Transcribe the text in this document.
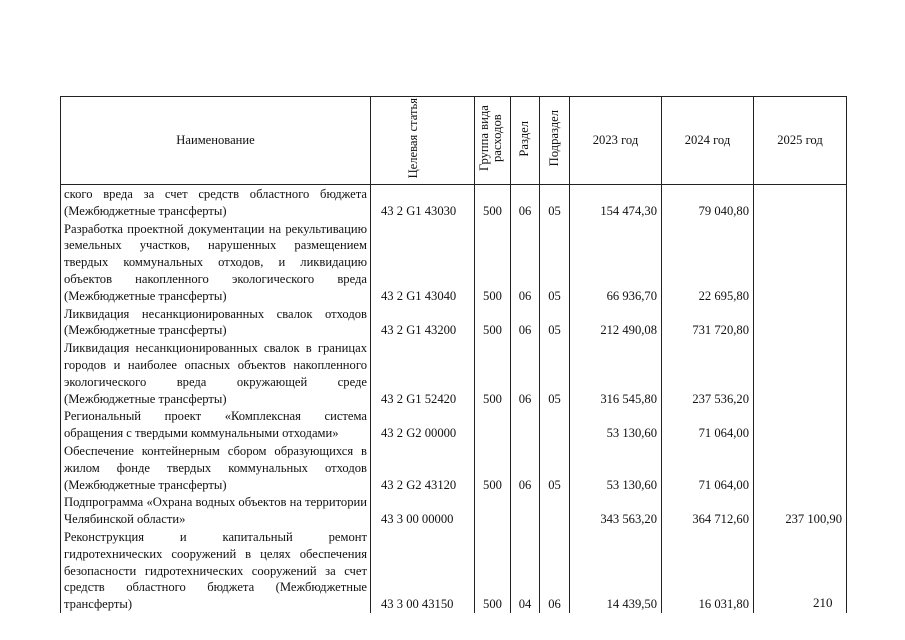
Наименование	Целевая статья	Группа вида расходов	Раздел	Подраздел	2023 год	2024 год	2025 год
ского вреда за счет средств областного бюджета (Межбюджетные трансферты)	43 2 G1 43030	500	06	05	154 474,30	79 040,80	
Разработка проектной документации на рекультивацию земельных участков, нарушенных размещением твердых коммунальных отходов, и ликвидацию объектов накопленного экологического вреда (Межбюджетные трансферты)	43 2 G1 43040	500	06	05	66 936,70	22 695,80	
Ликвидация несанкционированных свалок отходов (Межбюджетные трансферты)	43 2 G1 43200	500	06	05	212 490,08	731 720,80	
Ликвидация несанкционированных свалок в границах городов и наиболее опасных объектов накопленного экологического вреда окружающей среде (Межбюджетные трансферты)	43 2 G1 52420	500	06	05	316 545,80	237 536,20	
Региональный проект «Комплексная система обращения с твердыми коммунальными отходами»	43 2 G2 00000				53 130,60	71 064,00	
Обеспечение контейнерным сбором образующихся в жилом фонде твердых коммунальных отходов (Межбюджетные трансферты)	43 2 G2 43120	500	06	05	53 130,60	71 064,00	
Подпрограмма «Охрана водных объектов на территории Челябинской области»	43 3 00 00000				343 563,20	364 712,60	237 100,90
Реконструкция и капитальный ремонт гидротехнических сооружений в целях обеспечения безопасности гидротехнических сооружений за счет средств областного бюджета (Межбюджетные трансферты)	43 3 00 43150	500	04	06	14 439,50	16 031,80		210
